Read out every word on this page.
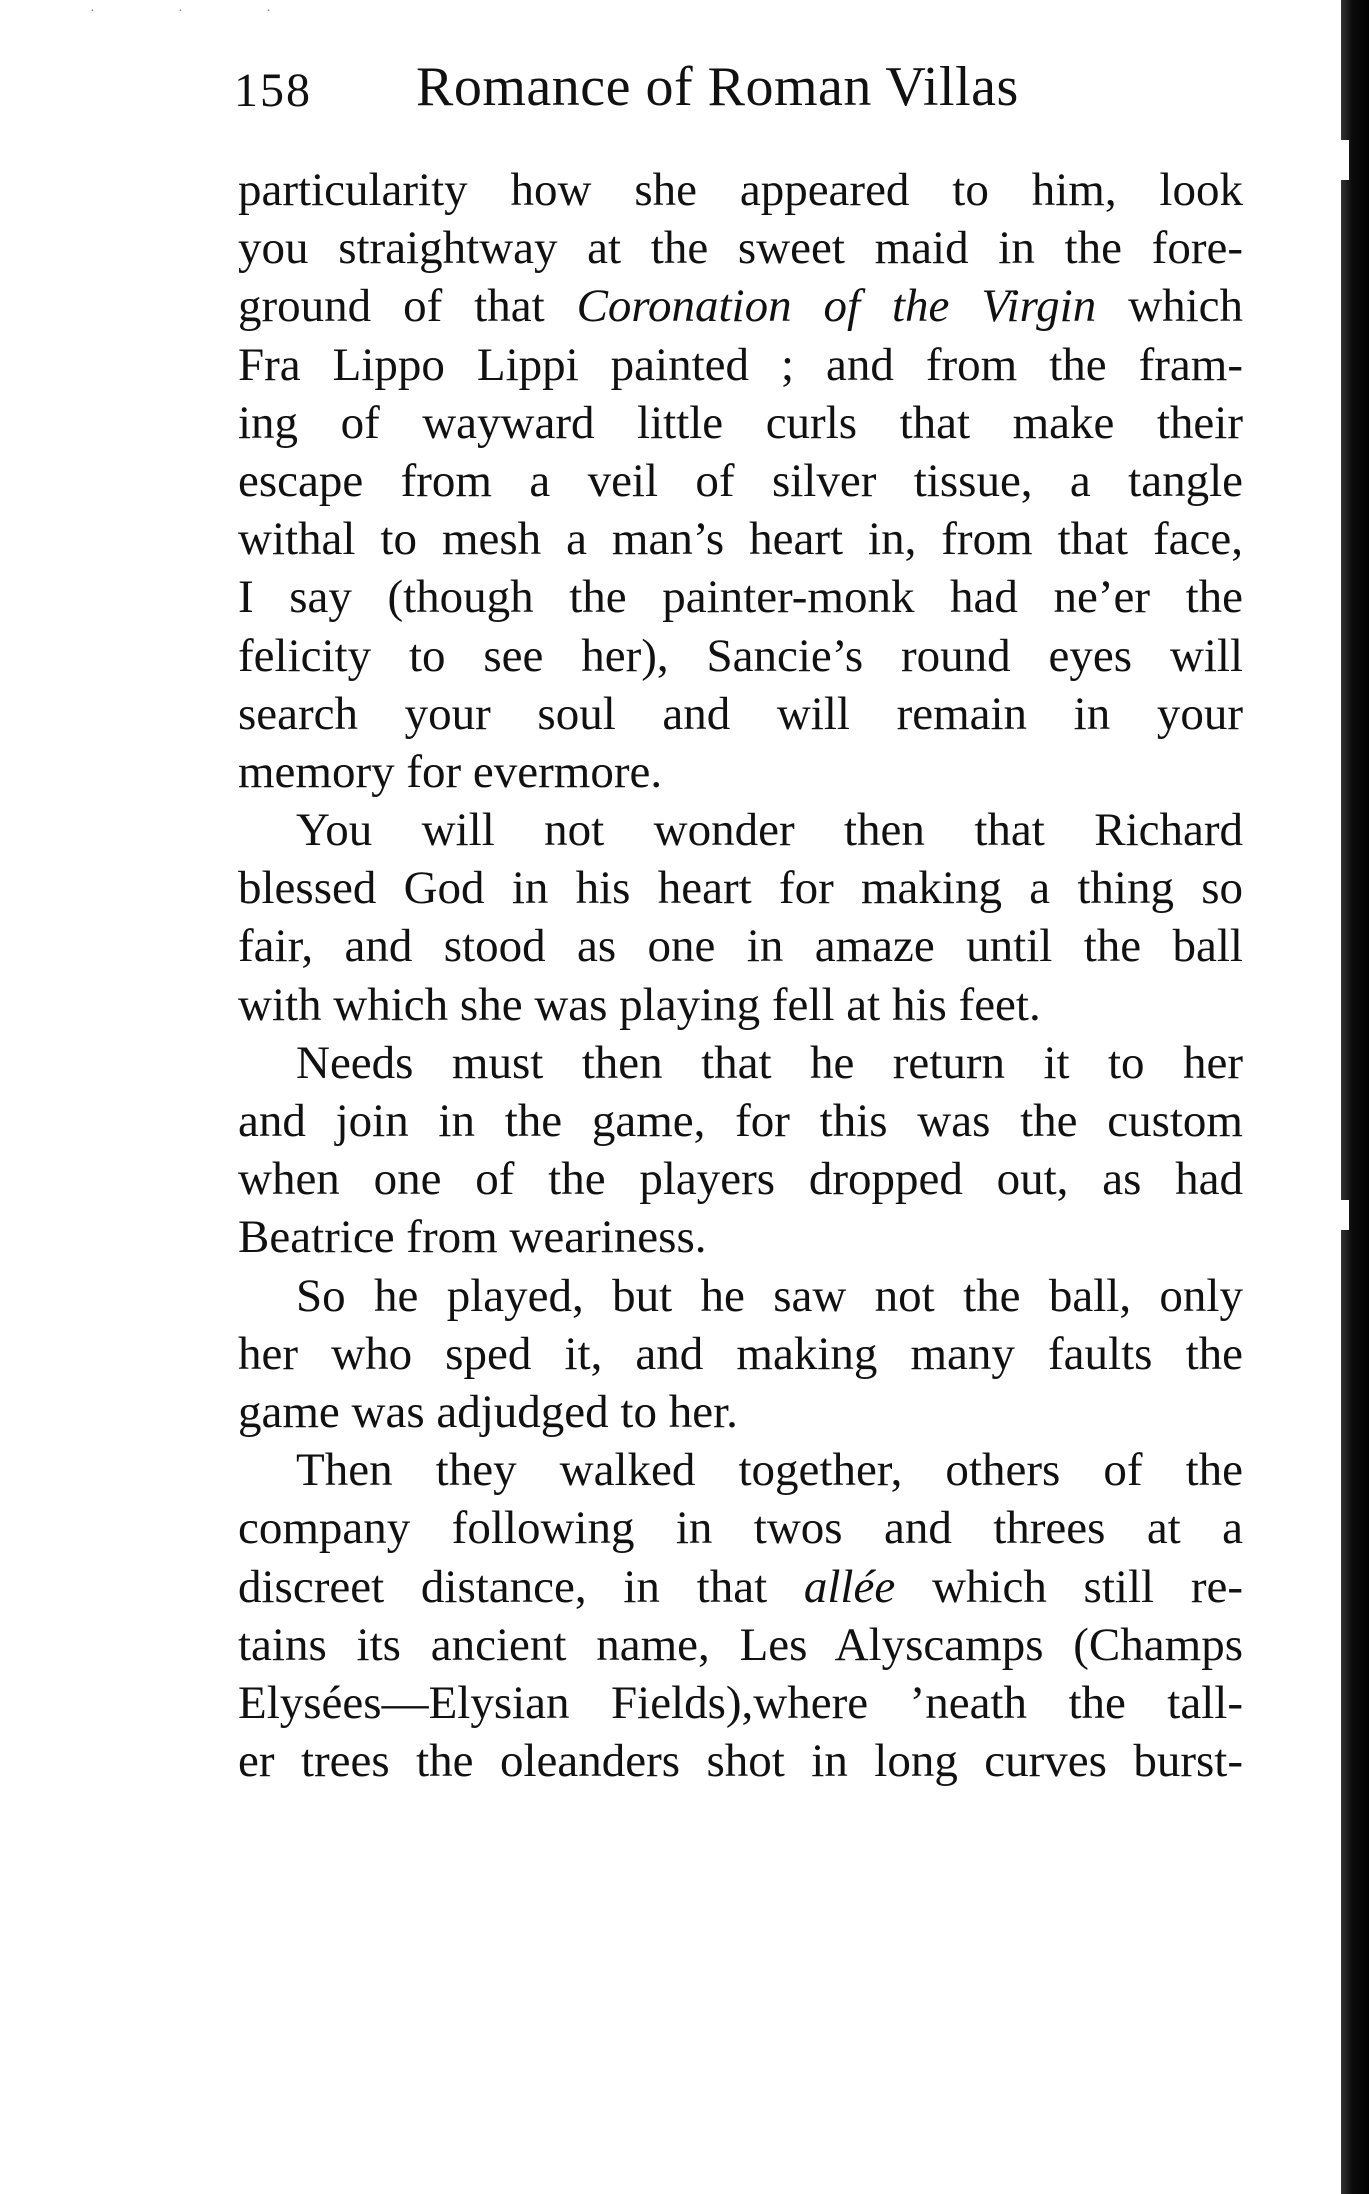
· · ·
158 Romance of Roman Villas
particularity how she appeared to him, look
you straightway at the sweet maid in the fore-
ground of that Coronation of the Virgin which
Fra Lippo Lippi painted ; and from the fram-
ing of wayward little curls that make their
escape from a veil of silver tissue, a tangle
withal to mesh a man’s heart in, from that face,
I say (though the painter-monk had ne’er the
felicity to see her), Sancie’s round eyes will
search your soul and will remain in your
memory for evermore.
You will not wonder then that Richard
blessed God in his heart for making a thing so
fair, and stood as one in amaze until the ball
with which she was playing fell at his feet.
Needs must then that he return it to her
and join in the game, for this was the custom
when one of the players dropped out, as had
Beatrice from weariness.
So he played, but he saw not the ball, only
her who sped it, and making many faults the
game was adjudged to her.
Then they walked together, others of the
company following in twos and threes at a
discreet distance, in that allée which still re-
tains its ancient name, Les Alyscamps (Champs
Elysées—Elysian Fields),where ’neath the tall-
er trees the oleanders shot in long curves burst-
